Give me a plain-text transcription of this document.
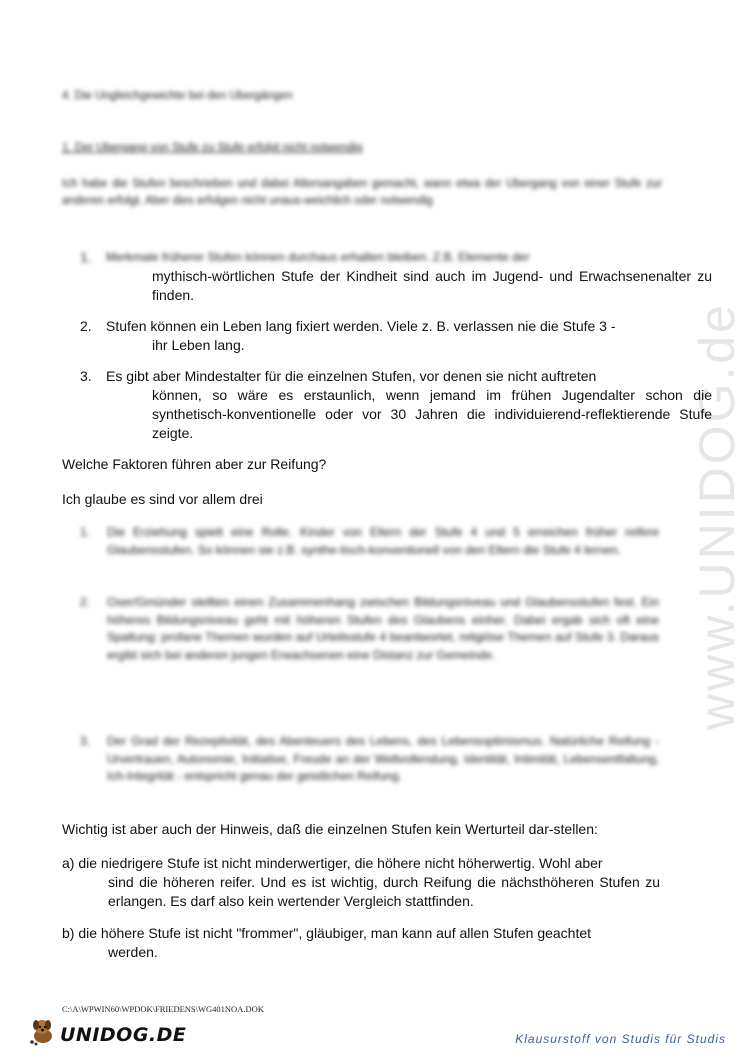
www.UNIDOG.de
4. Die Ungleichgewichte bei den Übergängen
1. Der Übergang von Stufe zu Stufe erfolgt nicht notwendig
Ich habe die Stufen beschrieben und dabei Altersangaben gemacht, wann etwa der Übergang von einer Stufe zur anderen erfolgt. Aber dies erfolgen nicht unaus-weichlich oder notwendig
1. Merkmale früherer Stufen können durchaus erhalten bleiben. Z.B. Elemente der
mythisch-wörtlichen Stufe der Kindheit sind auch im Jugend- und Erwachsenenalter zu finden.
2. Stufen können ein Leben lang fixiert werden. Viele z. B. verlassen nie die Stufe 3 -
ihr Leben lang.
3. Es gibt aber Mindestalter für die einzelnen Stufen, vor denen sie nicht auftreten
können, so wäre es erstaunlich, wenn jemand im frühen Jugendalter schon die synthetisch-konventionelle oder vor 30 Jahren die individuierend-reflektierende Stufe zeigte.
Welche Faktoren führen aber zur Reifung?
Ich glaube es sind vor allem drei
1. Die Erziehung spielt eine Rolle. Kinder von Eltern der Stufe 4 und 5 erreichen früher reifere Glaubensstufen. So können sie z.B. synthe-tisch-konventionell von den Eltern die Stufe 4 lernen.
2. Oser/Gmünder stellten einen Zusammenhang zwischen Bildungsniveau und Glaubensstufen fest. Ein höheres Bildungsniveau geht mit höheren Stufen des Glaubens einher. Dabei ergab sich oft eine Spaltung: profane Themen wurden auf Urteilsstufe 4 beantwortet, religiöse Themen auf Stufe 3. Daraus ergibt sich bei anderen jungen Erwachsenen eine Distanz zur Gemeinde.
3. Der Grad der Rezeptivität, des Abenteuers des Lebens, des Lebensoptimismus. Natürliche Reifung - Urvertrauen, Autonomie, Initiative, Freude an der Weltvollendung, Identität, Intimität, Lebensentfaltung, Ich-Integrität - entspricht genau der geistlichen Reifung.
Wichtig ist aber auch der Hinweis, daß die einzelnen Stufen kein Werturteil dar-stellen:
a) die niedrigere Stufe ist nicht minderwertiger, die höhere nicht höherwertig. Wohl aber
sind die höheren reifer. Und es ist wichtig, durch Reifung die nächsthöheren Stufen zu erlangen. Es darf also kein wertender Vergleich stattfinden.
b) die höhere Stufe ist nicht "frommer", gläubiger, man kann auf allen Stufen geachtet
werden.
C:\A\WPWIN60\WPDOK\FRIEDENS\WG401NOA.DOK
UNIDOG.DE	Klausurstoff von Studis für Studis
